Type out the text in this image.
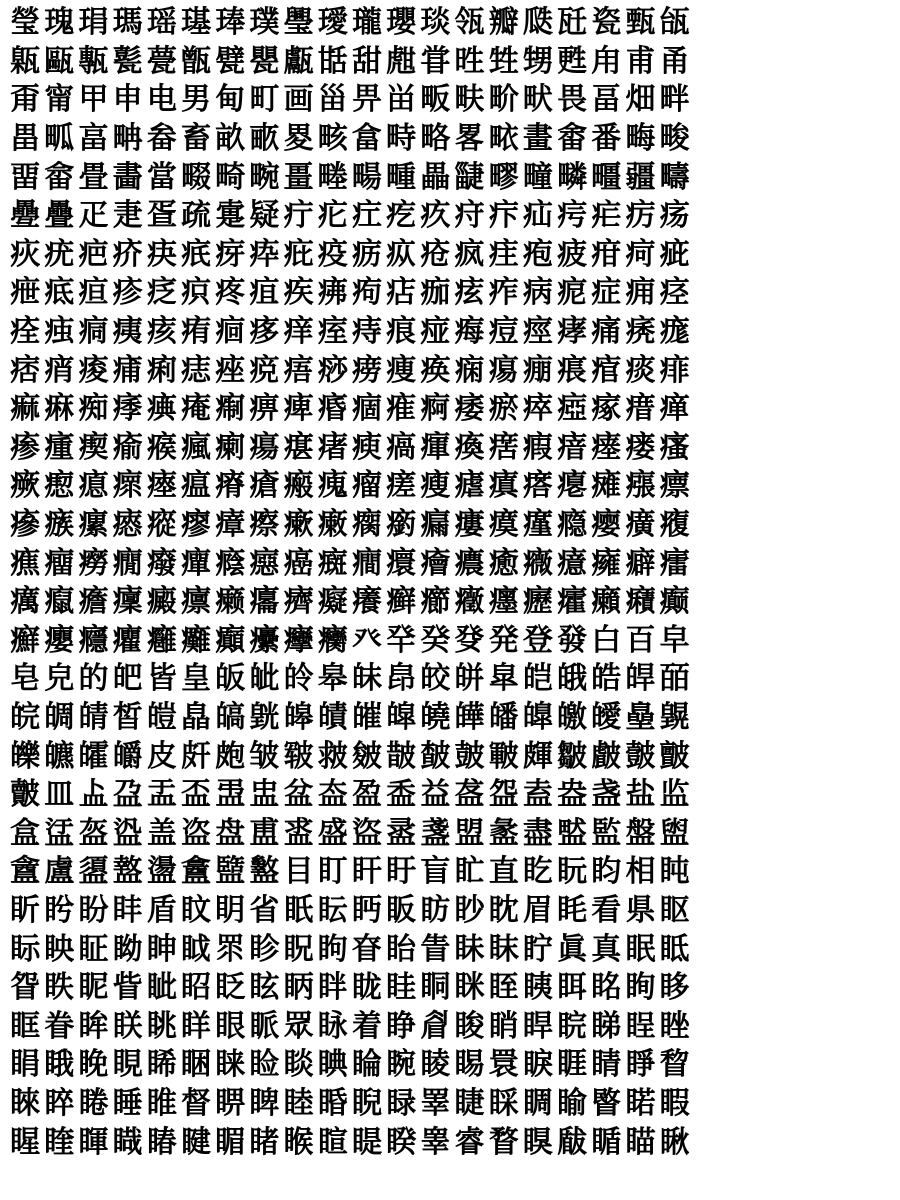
瑩 瑰 琄 瑪 瑶 璂 琫 璞 璺 璦 瓏 瓔 琰 瓴 瓣 瓞 瓩 瓷 甄 瓵
甈 甌 甎 甏 甍 甑 甓 甖 甗 甛 甜 甝 甞 甠 甡 甥 甦 甪 甫 甬
甭 甯 甲 申 电 男 甸 町 画 甾 畀 畄 畈 畉 畍 畎 畏 畐 畑 畔
畕 畖 畗 畘 畚 畜 畝 畞 畟 畡 畣 畤 略 畧 畩 畫 畬 番 畮 畯
畱 畲 畳 畵 當 畷 畸 畹 畺 畻 畼 畽 畾 疀 疁 疃 疄 疅 疆 疇
疉 疊 疋 疌 疍 疏 疐 疑 疔 疕 疘 疙 疚 疛 疜 疝 疞 疟 疠 疡
疢 疣 疤 疥 疦 疧 疨 疩 疪 疫 疬 疭 疮 疯 疰 疱 疲 疳 疴 疵
疶 疷 疸 疹 疺 疻 疼 疽 疾 疿 痀 痁 痂 痃 痄 病 痆 症 痈 痉
痊 痋 痌 痍 痎 痏 痐 痑 痒 痓 痔 痕 痖 痗 痘 痙 痚 痛 痜 痝
痞 痟 痠 痡 痢 痣 痤 痥 痦 痧 痨 痩 痪 痫 痬 痭 痮 痯 痰 痱
痲 痳 痴 痵 痶 痷 痸 痹 痺 痻 痼 痽 痾 痿 瘀 瘁 瘂 瘃 瘄 瘅
瘆 瘇 瘈 瘉 瘊 瘋 瘌 瘍 瘎 瘏 瘐 瘑 瘒 瘓 瘔 瘕 瘖 瘗 瘘 瘙
瘚 瘛 瘜 瘝 瘞 瘟 瘠 瘡 瘢 瘣 瘤 瘥 瘦 瘧 瘨 瘩 瘪 瘫 瘬 瘭
瘮 瘯 瘰 瘱 瘲 瘳 瘴 瘵 瘶 瘷 瘸 瘹 瘺 瘻 瘼 瘽 瘾 瘿 癀 癁
癄 癅 癆 癇 癈 癉 癊 癋 癌 癍 癎 癏 癐 癑 癒 癓 癔 癕 癖 癗
癘 癙 癚 癛 癜 癝 癞 癟 癠 癡 癢 癣 癤 癥 癦 癧 癨 癩 癪 癫
癬 癭 癮 癯 癰 癱 癲 癳 癴 癵 癶 癷 癸 癹 発 登 發 白 百 皁
皂 皃 的 皅 皆 皇 皈 皉 皊 皋 皌 皍 皎 皏 皐 皑 皒 皓 皔 皕
皖 皗 皘 皙 皚 皛 皜 皝 皞 皟 皠 皡 皢 皣 皤 皥 皦 皧 皨 皩
皪 皫 皬 皭 皮 皯 皰 皱 皲 皳 皴 皵 皶 皷 皸 皹 皺 皻 皼 皽
皾 皿 盀 盁 盂 盃 盄 盅 盆 盇 盈 盉 益 盋 盌 盍 盎 盏 盐 监
盒 盓 盔 盕 盖 盗 盘 盙 盚 盛 盜 盝 盞 盟 盠 盡 盢 監 盤 盥
盦 盧 盨 盩 盪 盫 盬 盭 目 盯 盰 盱 盲 盳 直 盵 盶 盷 相 盹
盺 盻 盼 盽 盾 盿 眀 省 眂 眃 眄 眅 眆 眇 眈 眉 眊 看 県 眍
眎 眏 眐 眑 眒 眓 眔 眕 眖 眗 眘 眙 眚 眛 眜 眝 眞 真 眠 眡
眢 眣 眤 眥 眦 眧 眨 眩 眪 眫 眬 眭 眮 眯 眰 眱 眲 眳 眴 眵
眶 眷 眸 眹 眺 眻 眼 眽 眾 眿 着 睁 睂 睃 睄 睅 睆 睇 睈 睉
睊 睋 睌 睍 睎 睏 睐 睑 睒 睓 睔 睕 睖 睗 睘 睙 睚 睛 睜 睝
睞 睟 睠 睡 睢 督 睤 睥 睦 睧 睨 睩 睪 睫 睬 睭 睮 睯 睰 睱
睲 睳 睴 睵 睶 睷 睸 睹 睺 睻 睼 睽 睾 睿 瞀 瞁 瞂 瞃 瞄 瞅
